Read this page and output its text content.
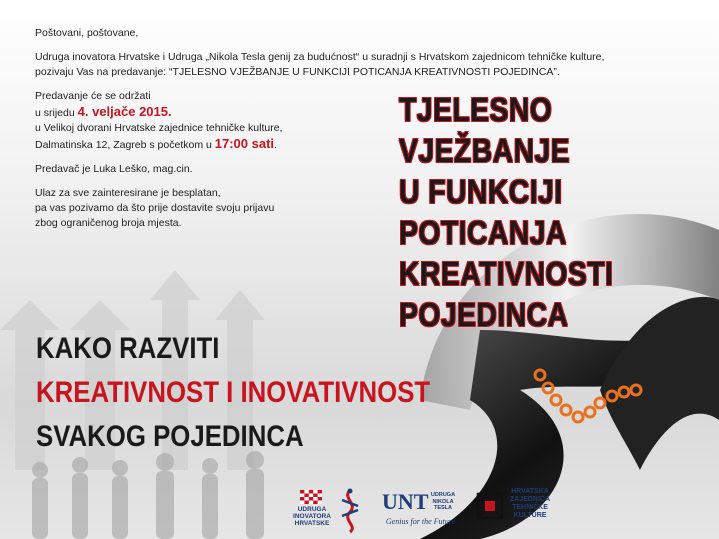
Poštovani, poštovane,

Udruga inovatora Hrvatske i Udruga „Nikola Tesla genij za budućnost“ u suradnji s Hrvatskom zajednicom tehničke kulture,
pozivaju Vas na predavanje: “TJELESNO VJEŽBANJE U FUNKCIJI POTICANJA KREATIVNOSTI POJEDINCA”.

Predavanje će se održati
u srijedu 4. veljače 2015.
u Velikoj dvorani Hrvatske zajednice tehničke kulture,
Dalmatinska 12, Zagreb s početkom u 17:00 sati.

Predavač je Luka Leško, mag.cin.

Ulaz za sve zainteresirane je besplatan,
pa vas pozivamo da što prije dostavite svoju prijavu
zbog ograničenog broja mjesta.

TJELESNO
VJEŽBANJE
U FUNKCIJI
POTICANJA
KREATIVNOSTI
POJEDINCA
KAKO RAZVITI
KREATIVNOST I INOVATIVNOST
SVAKOG POJEDINCA
UDRUGA INOVATORA HRVATSKE
UNT UDRUGA NIKOLA TESLA
Genius for the Future
HRVATSKA ZAJEDNICA TEHNIČKE KULTURE
